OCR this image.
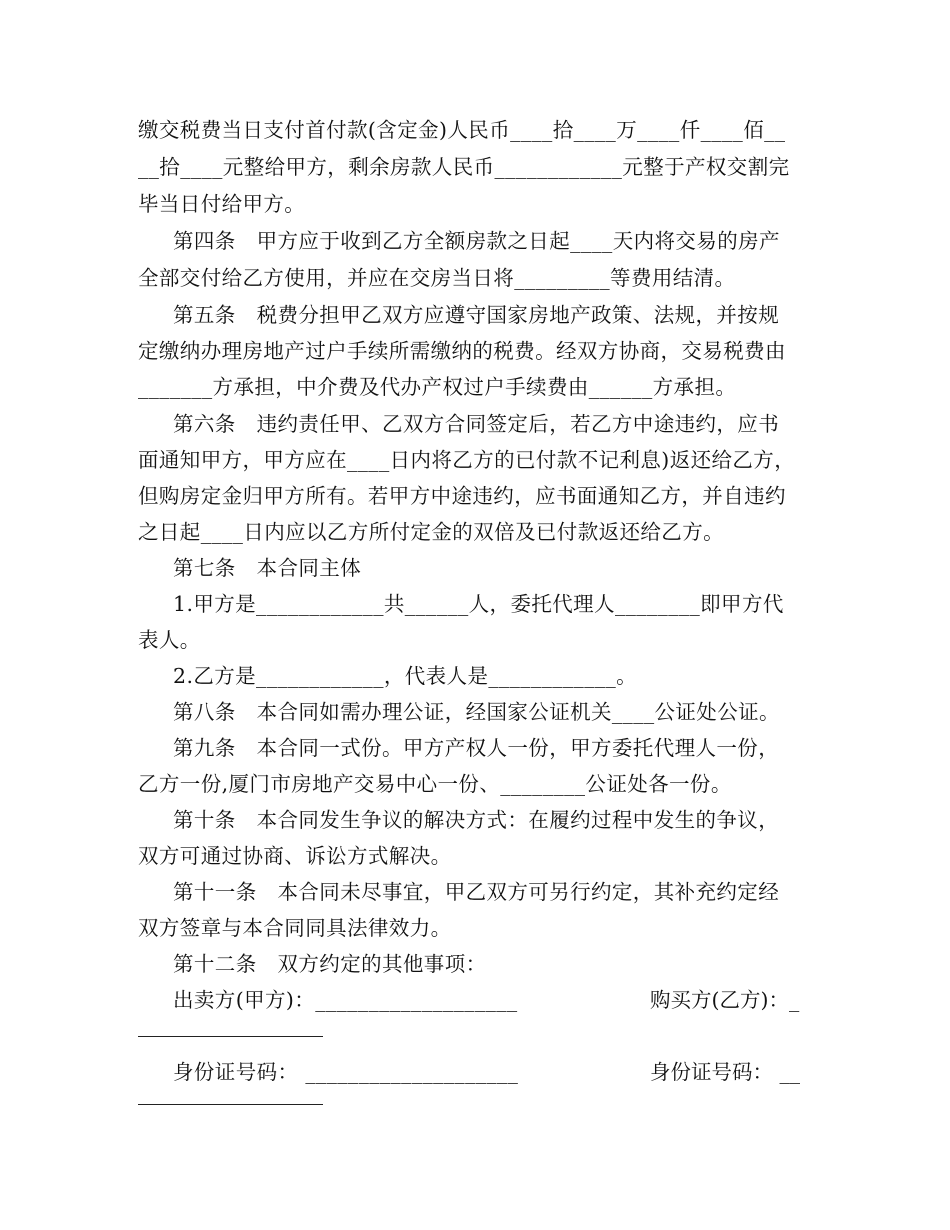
缴交税费当日支付首付款(含定金)人民币____拾____万____仟____佰__
__拾____元整给甲方，剩余房款人民币____________元整于产权交割完
毕当日付给甲方。
第四条　甲方应于收到乙方全额房款之日起____天内将交易的房产
全部交付给乙方使用，并应在交房当日将_________等费用结清。
第五条　税费分担甲乙双方应遵守国家房地产政策、法规，并按规
定缴纳办理房地产过户手续所需缴纳的税费。经双方协商，交易税费由
_______方承担，中介费及代办产权过户手续费由______方承担。
第六条　违约责任甲、乙双方合同签定后，若乙方中途违约，应书
面通知甲方，甲方应在____日内将乙方的已付款不记利息)返还给乙方，
但购房定金归甲方所有。若甲方中途违约，应书面通知乙方，并自违约
之日起____日内应以乙方所付定金的双倍及已付款返还给乙方。
第七条　本合同主体
1.甲方是____________共______人，委托代理人________即甲方代
表人。
2.乙方是____________，代表人是____________。
第八条　本合同如需办理公证，经国家公证机关____公证处公证。
第九条　本合同一式份。甲方产权人一份，甲方委托代理人一份，
乙方一份,厦门市房地产交易中心一份、________公证处各一份。
第十条　本合同发生争议的解决方式：在履约过程中发生的争议，
双方可通过协商、诉讼方式解决。
第十一条　本合同未尽事宜，甲乙双方可另行约定，其补充约定经
双方签章与本合同同具法律效力。
第十二条　双方约定的其他事项：
出卖方(甲方)：___________________	购买方(乙方)：_
身份证号码： ____________________	身份证号码： __
